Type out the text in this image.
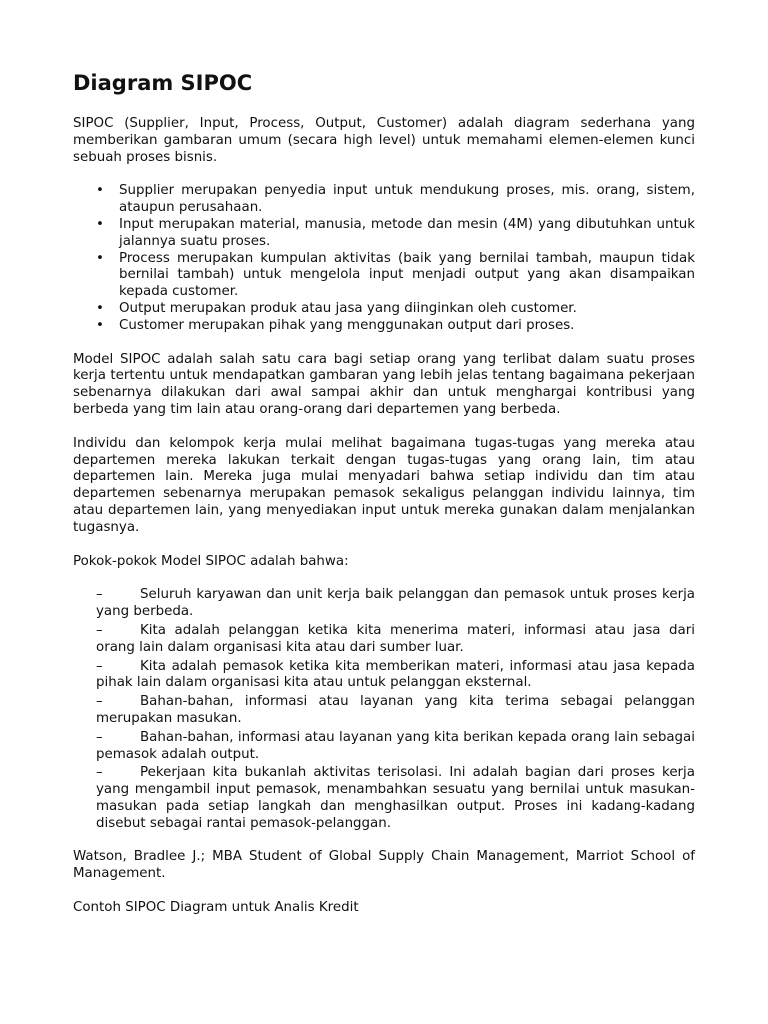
Diagram SIPOC

SIPOC (Supplier, Input, Process, Output, Customer) adalah diagram sederhana yang memberikan gambaran umum (secara high level) untuk memahami elemen-elemen kunci sebuah proses bisnis.

• Supplier merupakan penyedia input untuk mendukung proses, mis. orang, sistem, ataupun perusahaan.
• Input merupakan material, manusia, metode dan mesin (4M) yang dibutuhkan untuk jalannya suatu proses.
• Process merupakan kumpulan aktivitas (baik yang bernilai tambah, maupun tidak bernilai tambah) untuk mengelola input menjadi output yang akan disampaikan kepada customer.
• Output merupakan produk atau jasa yang diinginkan oleh customer.
• Customer merupakan pihak yang menggunakan output dari proses.

Model SIPOC adalah salah satu cara bagi setiap orang yang terlibat dalam suatu proses kerja tertentu untuk mendapatkan gambaran yang lebih jelas tentang bagaimana pekerjaan sebenarnya dilakukan dari awal sampai akhir dan untuk menghargai kontribusi yang berbeda yang tim lain atau orang-orang dari departemen yang berbeda.

Individu dan kelompok kerja mulai melihat bagaimana tugas-tugas yang mereka atau departemen mereka lakukan terkait dengan tugas-tugas yang orang lain, tim atau departemen lain. Mereka juga mulai menyadari bahwa setiap individu dan tim atau departemen sebenarnya merupakan pemasok sekaligus pelanggan individu lainnya, tim atau departemen lain, yang menyediakan input untuk mereka gunakan dalam menjalankan tugasnya.

Pokok-pokok Model SIPOC adalah bahwa:

–	Seluruh karyawan dan unit kerja baik pelanggan dan pemasok untuk proses kerja yang berbeda.
–	Kita adalah pelanggan ketika kita menerima materi, informasi atau jasa dari orang lain dalam organisasi kita atau dari sumber luar.
–	Kita adalah pemasok ketika kita memberikan materi, informasi atau jasa kepada pihak lain dalam organisasi kita atau untuk pelanggan eksternal.
–	Bahan-bahan, informasi atau layanan yang kita terima sebagai pelanggan merupakan masukan.
–	Bahan-bahan, informasi atau layanan yang kita berikan kepada orang lain sebagai pemasok adalah output.
–	Pekerjaan kita bukanlah aktivitas terisolasi. Ini adalah bagian dari proses kerja yang mengambil input pemasok, menambahkan sesuatu yang bernilai untuk masukan-masukan pada setiap langkah dan menghasilkan output. Proses ini kadang-kadang disebut sebagai rantai pemasok-pelanggan.

Watson, Bradlee J.; MBA Student of Global Supply Chain Management, Marriot School of Management.

Contoh SIPOC Diagram untuk Analis Kredit
